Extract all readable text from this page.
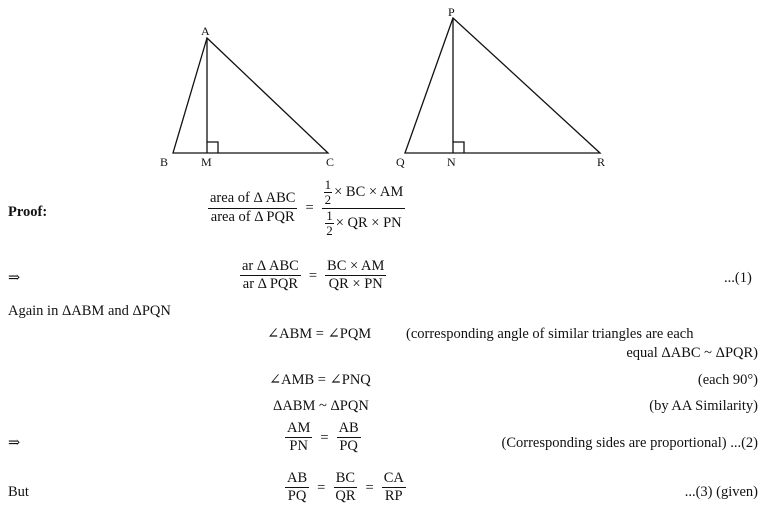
A
B	M	C
P
Q	N	R
Proof:	$\frac{\text{area of Δ ABC}}{\text{area of Δ PQR}} = \frac{\frac{1}{2} \times BC \times AM}{\frac{1}{2} \times QR \times PN}$
⇒	$\frac{\text{ar Δ ABC}}{\text{ar Δ PQR}} = \frac{BC \times AM}{QR \times PN}$	...(1)
Again in ΔABM and ΔPQN
∠ABM = ∠PQM (corresponding angle of similar triangles are each
equal ΔABC ~ ΔPQR)
∠AMB = ∠PNQ	(each 90°)
ΔABM ~ ΔPQN	(by AA Similarity)
⇒	$\frac{AM}{PN} = \frac{AB}{PQ}$	(Corresponding sides are proportional) ...(2)
But	$\frac{AB}{PQ} = \frac{BC}{QR} = \frac{CA}{RP}$	...(3) (given)
